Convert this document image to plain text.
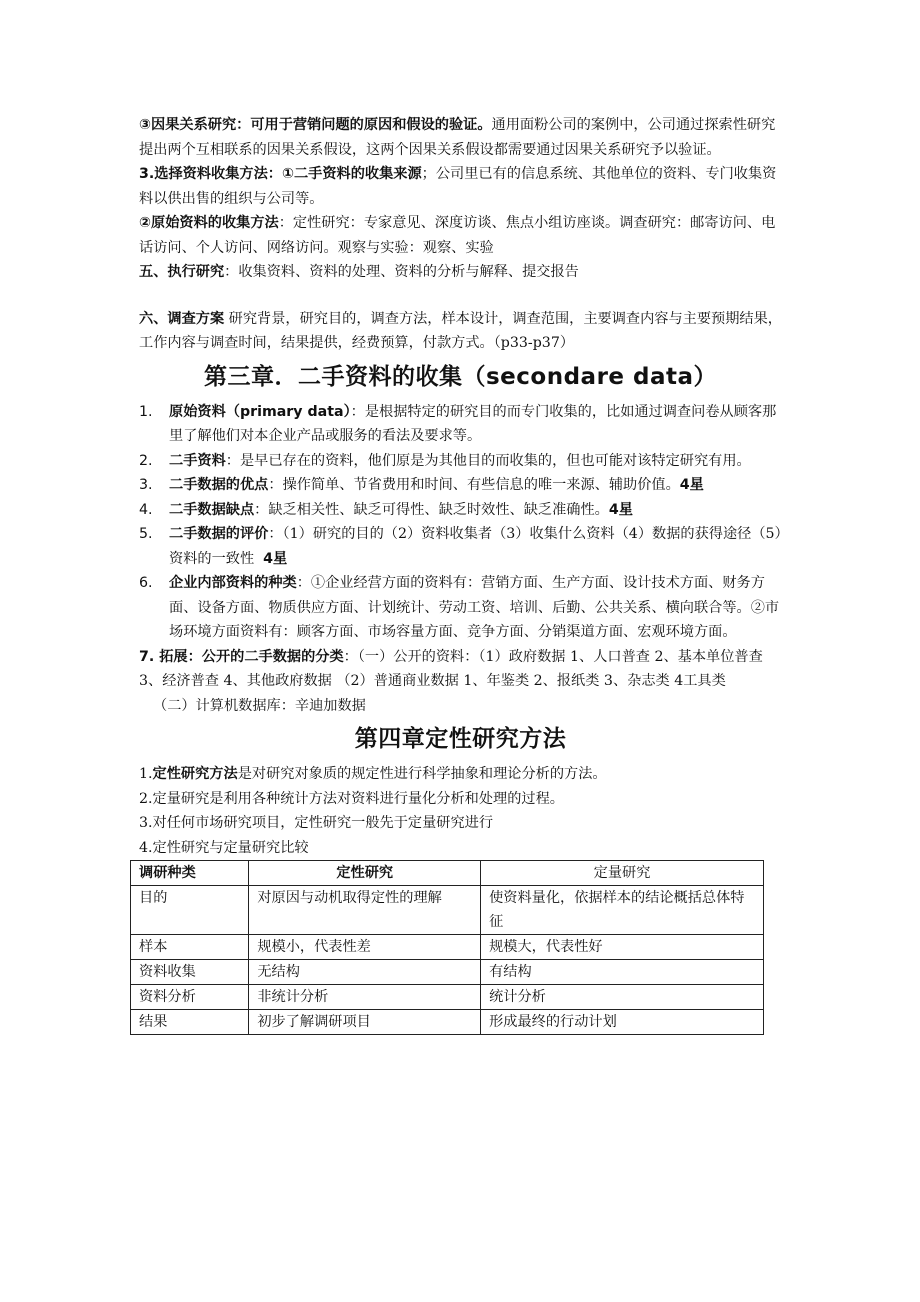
③因果关系研究：可用于营销问题的原因和假设的验证。通用面粉公司的案例中，公司通过探索性研究提出两个互相联系的因果关系假设，这两个因果关系假设都需要通过因果关系研究予以验证。

3.选择资料收集方法：①二手资料的收集来源；公司里已有的信息系统、其他单位的资料、专门收集资料以供出售的组织与公司等。

②原始资料的收集方法：定性研究：专家意见、深度访谈、焦点小组访座谈。调查研究：邮寄访问、电话访问、个人访问、网络访问。观察与实验：观察、实验

五、执行研究：收集资料、资料的处理、资料的分析与解释、提交报告

六、调查方案 研究背景，研究目的，调查方法，样本设计，调查范围，主要调查内容与主要预期结果，工作内容与调查时间，结果提供，经费预算，付款方式。（p33-p37）

第三章．二手资料的收集（secondare data）
1. 原始资料（primary data）：是根据特定的研究目的而专门收集的，比如通过调查问卷从顾客那里了解他们对本企业产品或服务的看法及要求等。
2. 二手资料：是早已存在的资料，他们原是为其他目的而收集的，但也可能对该特定研究有用。
3. 二手数据的优点：操作简单、节省费用和时间、有些信息的唯一来源、辅助价值。4星
4. 二手数据缺点：缺乏相关性、缺乏可得性、缺乏时效性、缺乏准确性。4星
5. 二手数据的评价：（1）研究的目的（2）资料收集者（3）收集什么资料（4）数据的获得途径（5）资料的一致性  4星
6. 企业内部资料的种类：①企业经营方面的资料有：营销方面、生产方面、设计技术方面、财务方面、设备方面、物质供应方面、计划统计、劳动工资、培训、后勤、公共关系、横向联合等。②市场环境方面资料有：顾客方面、市场容量方面、竞争方面、分销渠道方面、宏观环境方面。

7. 拓展：公开的二手数据的分类：（一）公开的资料：（1）政府数据 1、人口普查 2、基本单位普查 3、经济普查 4、其他政府数据 （2）普通商业数据 1、年鉴类 2、报纸类 3、杂志类 4工具类

（二）计算机数据库：辛迪加数据

第四章定性研究方法

1.定性研究方法是对研究对象质的规定性进行科学抽象和理论分析的方法。

2.定量研究是利用各种统计方法对资料进行量化分析和处理的过程。

3.对任何市场研究项目，定性研究一般先于定量研究进行

4.定性研究与定量研究比较

调研种类	定性研究	定量研究
目的	对原因与动机取得定性的理解	使资料量化，依据样本的结论概括总体特征
样本	规模小，代表性差	规模大，代表性好
资料收集	无结构	有结构
资料分析	非统计分析	统计分析
结果	初步了解调研项目	形成最终的行动计划
